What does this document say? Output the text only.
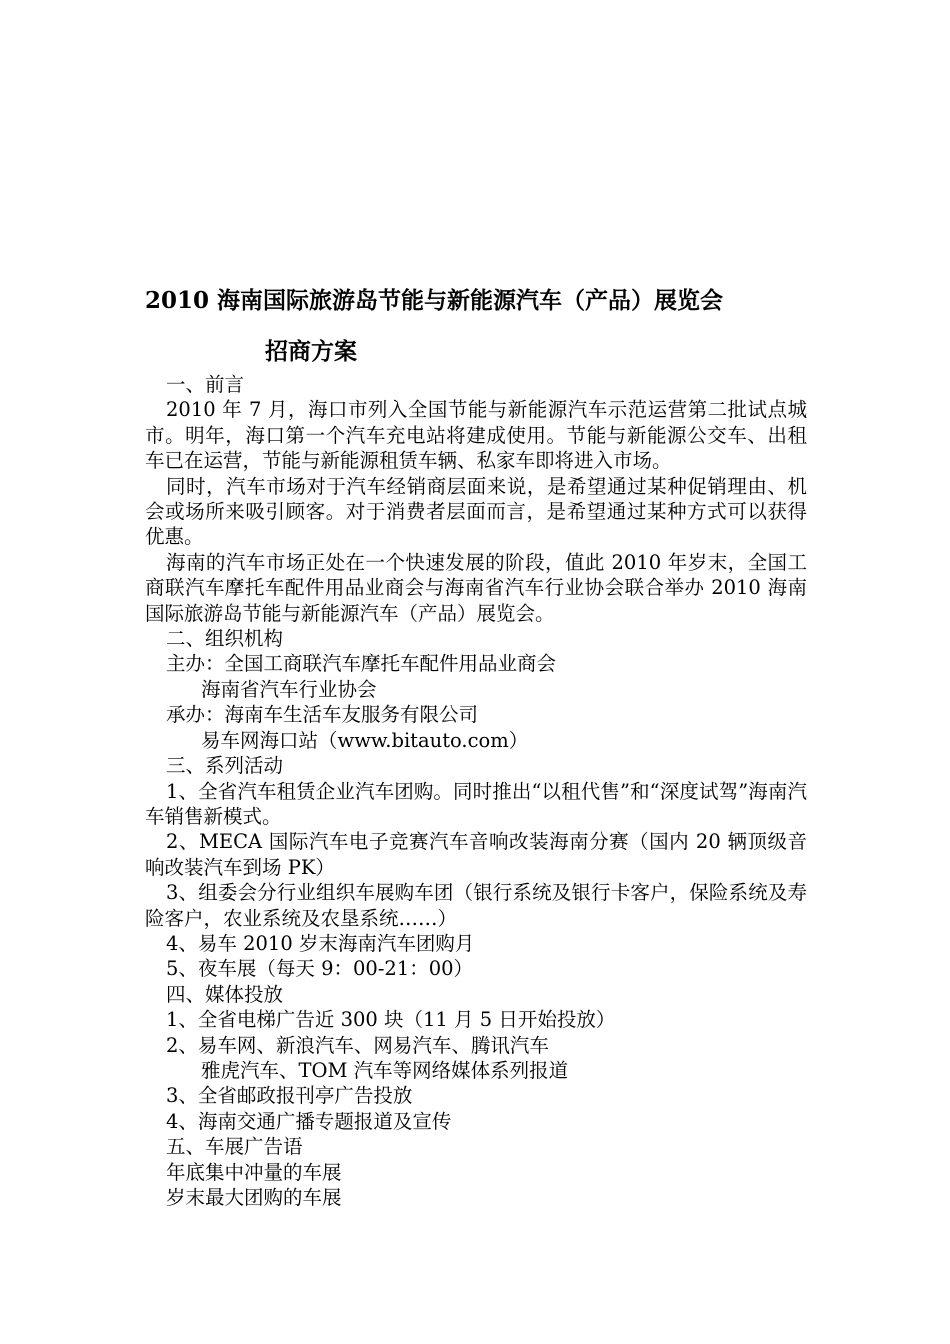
2010 海南国际旅游岛节能与新能源汽车（产品）展览会
招商方案

一、前言

2010 年 7 月，海口市列入全国节能与新能源汽车示范运营第二批试点城市。明年，海口第一个汽车充电站将建成使用。节能与新能源公交车、出租车已在运营，节能与新能源租赁车辆、私家车即将进入市场。

同时，汽车市场对于汽车经销商层面来说，是希望通过某种促销理由、机会或场所来吸引顾客。对于消费者层面而言，是希望通过某种方式可以获得优惠。

海南的汽车市场正处在一个快速发展的阶段，值此 2010 年岁末，全国工商联汽车摩托车配件用品业商会与海南省汽车行业协会联合举办 2010 海南国际旅游岛节能与新能源汽车（产品）展览会。

二、组织机构

主办：全国工商联汽车摩托车配件用品业商会

海南省汽车行业协会

承办：海南车生活车友服务有限公司

易车网海口站（www.bitauto.com）

三、系列活动

1、全省汽车租赁企业汽车团购。同时推出“以租代售”和“深度试驾”海南汽车销售新模式。

2、MECA 国际汽车电子竞赛汽车音响改装海南分赛（国内 20 辆顶级音响改装汽车到场 PK）

3、组委会分行业组织车展购车团（银行系统及银行卡客户，保险系统及寿险客户，农业系统及农垦系统……）

4、易车 2010 岁末海南汽车团购月

5、夜车展（每天 9：00-21：00）

四、媒体投放

1、全省电梯广告近 300 块（11 月 5 日开始投放）

2、易车网、新浪汽车、网易汽车、腾讯汽车

雅虎汽车、TOM 汽车等网络媒体系列报道

3、全省邮政报刊亭广告投放

4、海南交通广播专题报道及宣传

五、车展广告语

年底集中冲量的车展

岁末最大团购的车展
